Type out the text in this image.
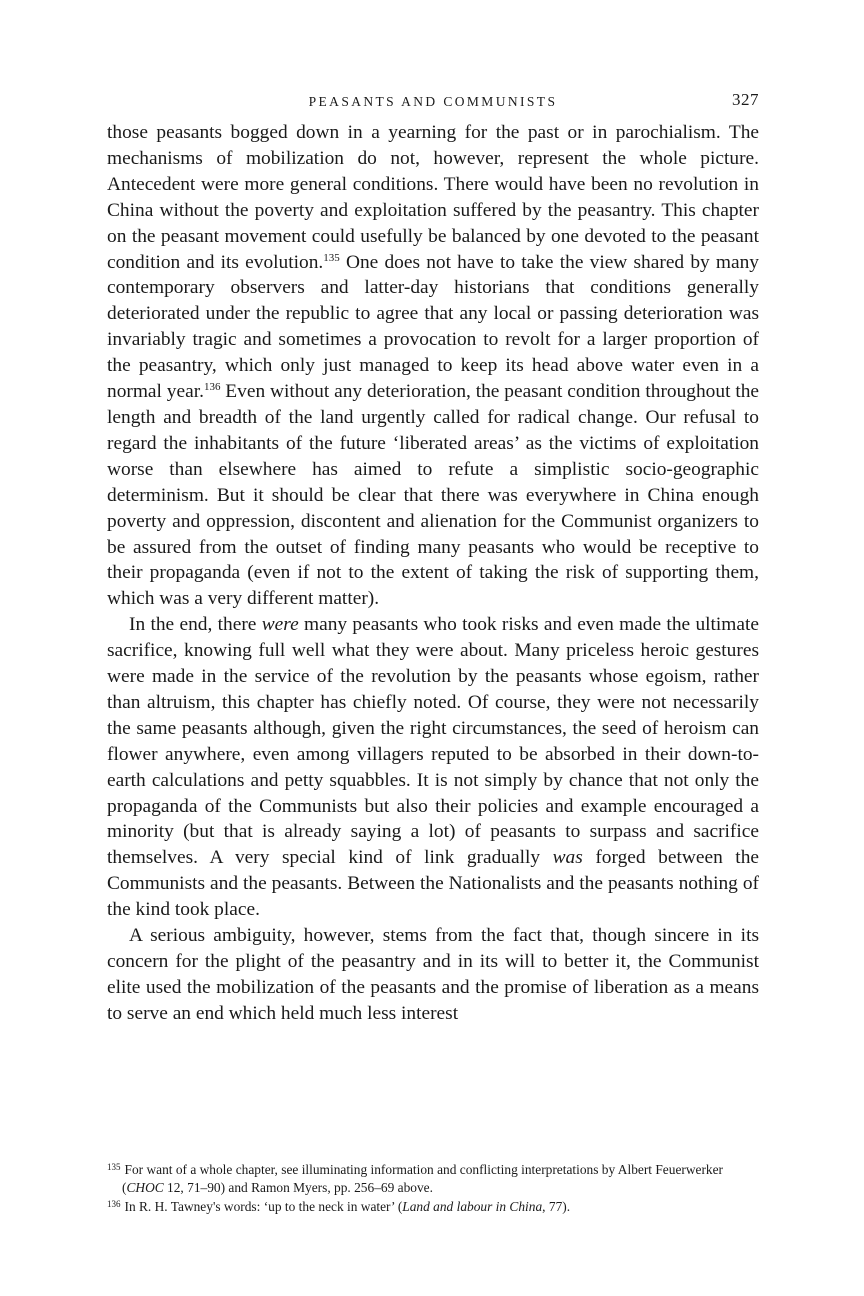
PEASANTS AND COMMUNISTS	327

those peasants bogged down in a yearning for the past or in parochialism. The mechanisms of mobilization do not, however, represent the whole picture. Antecedent were more general conditions. There would have been no revolution in China without the poverty and exploitation suffered by the peasantry. This chapter on the peasant movement could usefully be balanced by one devoted to the peasant condition and its evolution.$^{135}$ One does not have to take the view shared by many contemporary observers and latter-day historians that conditions generally deteriorated under the republic to agree that any local or passing deterioration was invariably tragic and sometimes a provocation to revolt for a larger proportion of the peasantry, which only just managed to keep its head above water even in a normal year.$^{136}$ Even without any deterioration, the peasant condition throughout the length and breadth of the land urgently called for radical change. Our refusal to regard the inhabitants of the future ‘liberated areas’ as the victims of exploitation worse than elsewhere has aimed to refute a simplistic socio-geographic determinism. But it should be clear that there was everywhere in China enough poverty and oppression, discontent and alienation for the Communist organizers to be assured from the outset of finding many peasants who would be receptive to their propaganda (even if not to the extent of taking the risk of supporting them, which was a very different matter).

In the end, there were many peasants who took risks and even made the ultimate sacrifice, knowing full well what they were about. Many priceless heroic gestures were made in the service of the revolution by the peasants whose egoism, rather than altruism, this chapter has chiefly noted. Of course, they were not necessarily the same peasants although, given the right circumstances, the seed of heroism can flower anywhere, even among villagers reputed to be absorbed in their down-to-earth calculations and petty squabbles. It is not simply by chance that not only the propaganda of the Communists but also their policies and example encouraged a minority (but that is already saying a lot) of peasants to surpass and sacrifice themselves. A very special kind of link gradually was forged between the Communists and the peasants. Between the Nationalists and the peasants nothing of the kind took place.

A serious ambiguity, however, stems from the fact that, though sincere in its concern for the plight of the peasantry and in its will to better it, the Communist elite used the mobilization of the peasants and the promise of liberation as a means to serve an end which held much less interest

$^{135}$ For want of a whole chapter, see illuminating information and conflicting interpretations by Albert Feuerwerker (CHOC 12, 71–90) and Ramon Myers, pp. 256–69 above.

$^{136}$ In R. H. Tawney's words: ‘up to the neck in water’ (Land and labour in China, 77).
